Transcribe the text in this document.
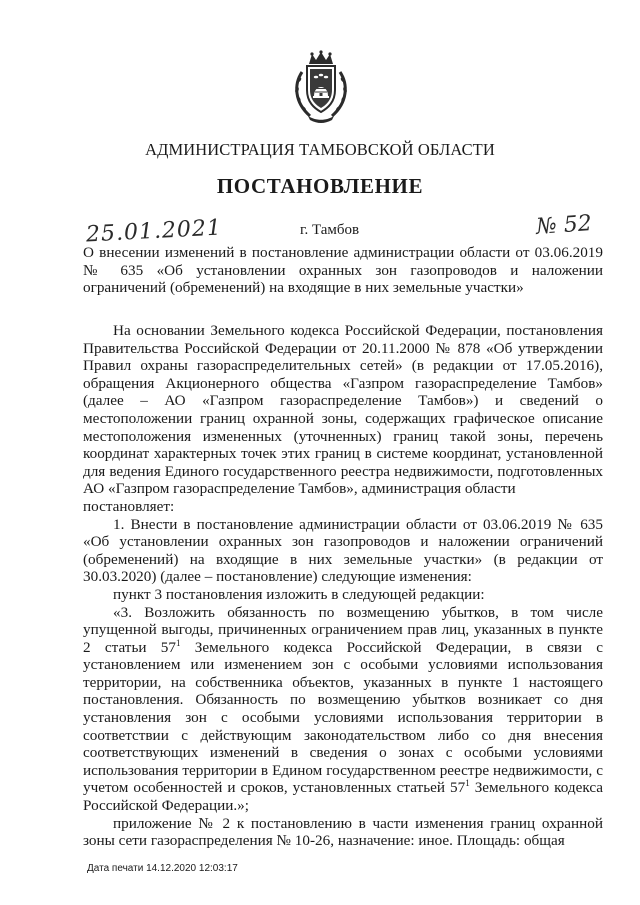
АДМИНИСТРАЦИЯ ТАМБОВСКОЙ ОБЛАСТИ
ПОСТАНОВЛЕНИЕ
25.01.2021	г. Тамбов	№ 52
О внесении изменений в постановление администрации области от 03.06.2019 № 635 «Об установлении охранных зон газопроводов и наложении ограничений (обременений) на входящие в них земельные участки»

На основании Земельного кодекса Российской Федерации, постановления Правительства Российской Федерации от 20.11.2000 № 878 «Об утверждении Правил охраны газораспределительных сетей» (в редакции от 17.05.2016), обращения Акционерного общества «Газпром газораспределение Тамбов» (далее – АО «Газпром газораспределение Тамбов») и сведений о местоположении границ охранной зоны, содержащих графическое описание местоположения измененных (уточненных) границ такой зоны, перечень координат характерных точек этих границ в системе координат, установленной для ведения Единого государственного реестра недвижимости, подготовленных АО «Газпром газораспределение Тамбов», администрация области

постановляет:

1. Внести в постановление администрации области от 03.06.2019 № 635 «Об установлении охранных зон газопроводов и наложении ограничений (обременений) на входящие в них земельные участки» (в редакции от 30.03.2020) (далее – постановление) следующие изменения:

пункт 3 постановления изложить в следующей редакции:

«3. Возложить обязанность по возмещению убытков, в том числе упущенной выгоды, причиненных ограничением прав лиц, указанных в пункте 2 статьи $57^1$ Земельного кодекса Российской Федерации, в связи с установлением или изменением зон с особыми условиями использования территории, на собственника объектов, указанных в пункте 1 настоящего постановления. Обязанность по возмещению убытков возникает со дня установления зон с особыми условиями использования территории в соответствии с действующим законодательством либо со дня внесения соответствующих изменений в сведения о зонах с особыми условиями использования территории в Едином государственном реестре недвижимости, с учетом особенностей и сроков, установленных статьей $57^1$ Земельного кодекса Российской Федерации.»;

приложение № 2 к постановлению в части изменения границ охранной зоны сети газораспределения № 10-26, назначение: иное. Площадь: общая

Дата печати 14.12.2020 12:03:17
